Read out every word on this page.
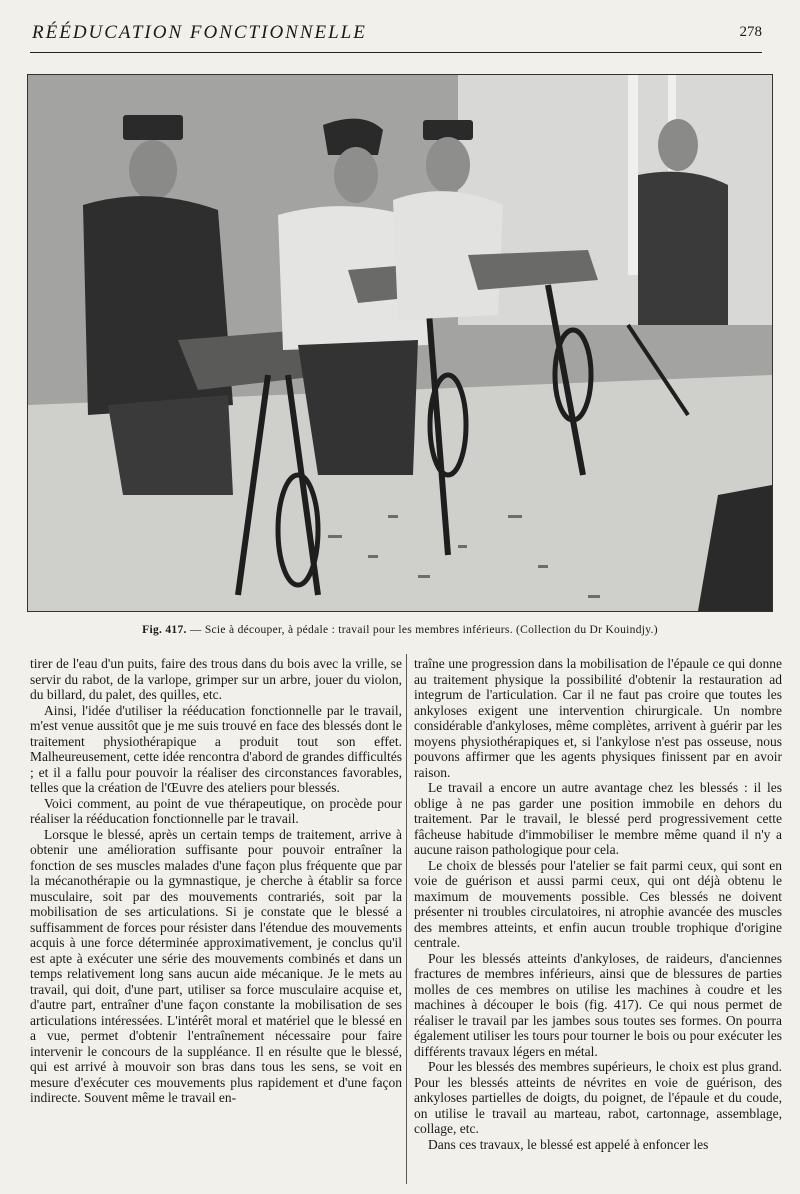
RÉÉDUCATION FONCTIONNELLE	278
Fig. 417. — Scie à découper, à pédale : travail pour les membres inférieurs. (Collection du Dr Kouindjy.)

tirer de l'eau d'un puits, faire des trous dans du bois avec la vrille, se servir du rabot, de la varlope, grimper sur un arbre, jouer du violon, du billard, du palet, des quilles, etc.

Ainsi, l'idée d'utiliser la rééducation fonctionnelle par le travail, m'est venue aussitôt que je me suis trouvé en face des blessés dont le traitement physiothérapique a produit tout son effet. Malheureusement, cette idée rencontra d'abord de grandes difficultés ; et il a fallu pour pouvoir la réaliser des circonstances favorables, telles que la création de l'Œuvre des ateliers pour blessés.

Voici comment, au point de vue thérapeutique, on procède pour réaliser la rééducation fonctionnelle par le travail.

Lorsque le blessé, après un certain temps de traitement, arrive à obtenir une amélioration suffisante pour pouvoir entraîner la fonction de ses muscles malades d'une façon plus fréquente que par la mécanothérapie ou la gymnastique, je cherche à établir sa force musculaire, soit par des mouvements contrariés, soit par la mobilisation de ses articulations. Si je constate que le blessé a suffisamment de forces pour résister dans l'étendue des mouvements acquis à une force déterminée approximativement, je conclus qu'il est apte à exécuter une série des mouvements combinés et dans un temps relativement long sans aucun aide mécanique. Je le mets au travail, qui doit, d'une part, utiliser sa force musculaire acquise et, d'autre part, entraîner d'une façon constante la mobilisation de ses articulations intéressées. L'intérêt moral et matériel que le blessé en a vue, permet d'obtenir l'entraînement nécessaire pour faire intervenir le concours de la suppléance. Il en résulte que le blessé, qui est arrivé à mouvoir son bras dans tous les sens, se voit en mesure d'exécuter ces mouvements plus rapidement et d'une façon indirecte. Souvent même le travail en-

traîne une progression dans la mobilisation de l'épaule ce qui donne au traitement physique la possibilité d'obtenir la restauration ad integrum de l'articulation. Car il ne faut pas croire que toutes les ankyloses exigent une intervention chirurgicale. Un nombre considérable d'ankyloses, même complètes, arrivent à guérir par les moyens physiothérapiques et, si l'ankylose n'est pas osseuse, nous pouvons affirmer que les agents physiques finissent par en avoir raison.

Le travail a encore un autre avantage chez les blessés : il les oblige à ne pas garder une position immobile en dehors du traitement. Par le travail, le blessé perd progressivement cette fâcheuse habitude d'immobiliser le membre même quand il n'y a aucune raison pathologique pour cela.

Le choix de blessés pour l'atelier se fait parmi ceux, qui sont en voie de guérison et aussi parmi ceux, qui ont déjà obtenu le maximum de mouvements possible. Ces blessés ne doivent présenter ni troubles circulatoires, ni atrophie avancée des muscles des membres atteints, et enfin aucun trouble trophique d'origine centrale.

Pour les blessés atteints d'ankyloses, de raideurs, d'anciennes fractures de membres inférieurs, ainsi que de blessures de parties molles de ces membres on utilise les machines à coudre et les machines à découper le bois (fig. 417). Ce qui nous permet de réaliser le travail par les jambes sous toutes ses formes. On pourra également utiliser les tours pour tourner le bois ou pour exécuter les différents travaux légers en métal.

Pour les blessés des membres supérieurs, le choix est plus grand. Pour les blessés atteints de névrites en voie de guérison, des ankyloses partielles de doigts, du poignet, de l'épaule et du coude, on utilise le travail au marteau, rabot, cartonnage, assemblage, collage, etc.

Dans ces travaux, le blessé est appelé à enfoncer les
